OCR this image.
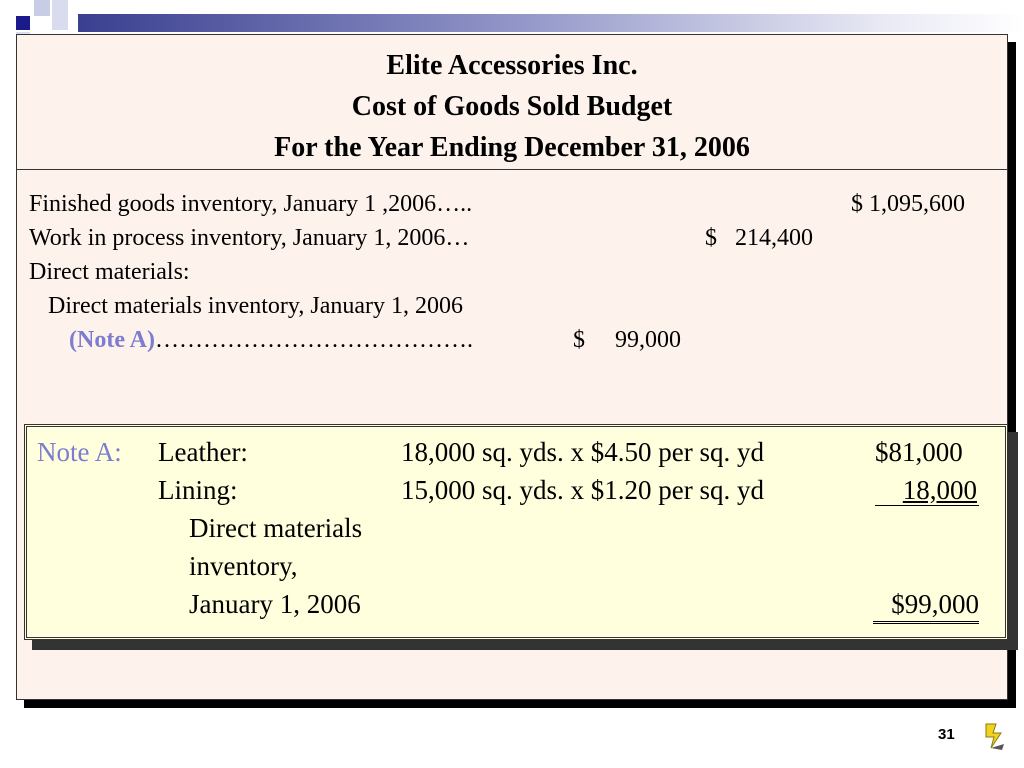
Elite Accessories Inc.

Cost of Goods Sold Budget

For the Year Ending December 31, 2006

Finished goods inventory, January 1 ,2006…..	$ 1,095,600
Work in process inventory, January 1, 2006…	$   214,400
Direct materials:
Direct materials inventory, January 1, 2006
(Note A)………………………………….	$     99,000
Note A: Leather:	18,000 sq. yds. x $4.50 per sq. yd	$81,000
Lining:	15,000 sq. yds. x $1.20 per sq. yd	18,000
Direct materials
inventory,
January 1, 2006	$99,000
31
